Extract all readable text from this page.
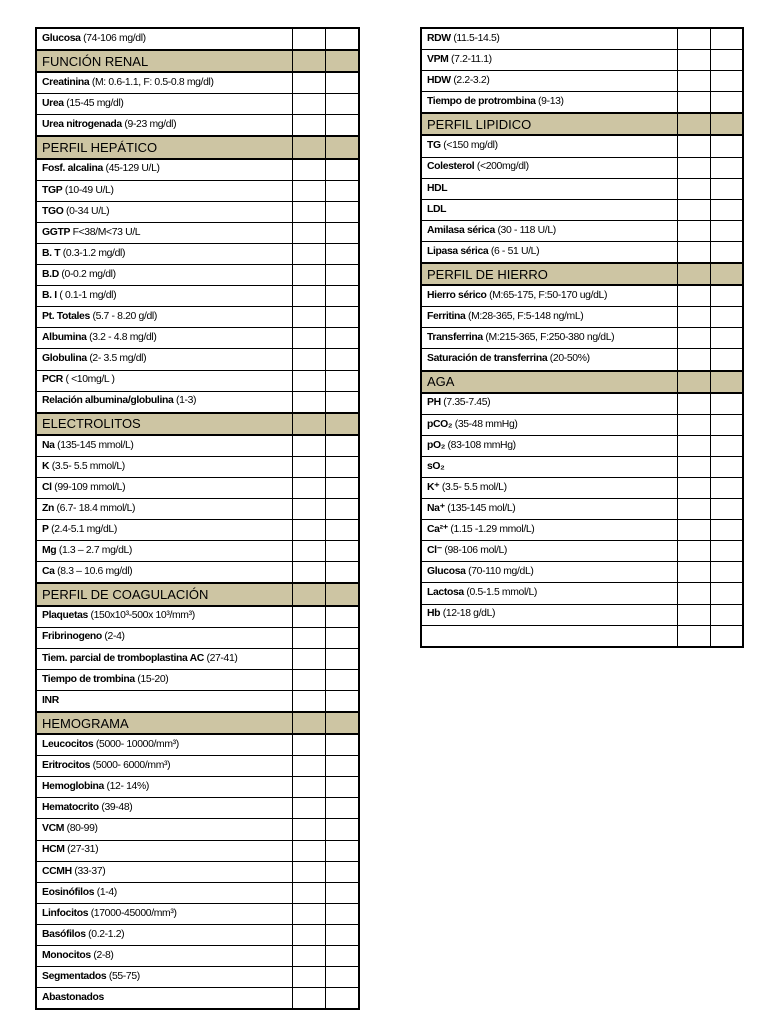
Glucosa (74-106 mg/dl)		
FUNCIÓN RENAL		
Creatinina (M: 0.6-1.1, F: 0.5-0.8 mg/dl)		
Urea (15-45 mg/dl)		
Urea nitrogenada (9-23 mg/dl)		
PERFIL HEPÁTICO		
Fosf. alcalina (45-129 U/L)		
TGP (10-49 U/L)		
TGO (0-34 U/L)		
GGTP F<38/M<73 U/L		
B. T (0.3-1.2 mg/dl)		
B.D (0-0.2 mg/dl)		
B. I ( 0.1-1 mg/dl)		
Pt. Totales (5.7 - 8.20 g/dl)		
Albumina (3.2 - 4.8 mg/dl)		
Globulina (2- 3.5 mg/dl)		
PCR ( <10mg/L )		
Relación albumina/globulina (1-3)		
ELECTROLITOS		
Na (135-145 mmol/L)		
K (3.5- 5.5 mmol/L)		
Cl (99-109 mmol/L)		
Zn (6.7- 18.4 mmol/L)		
P (2.4-5.1 mg/dL)		
Mg (1.3 – 2.7 mg/dL)		
Ca (8.3 – 10.6 mg/dl)		
PERFIL DE COAGULACIÓN		
Plaquetas (150x10³-500x 10³/mm³)		
Fribrinogeno (2-4)		
Tiem. parcial de tromboplastina AC (27-41)		
Tiempo de trombina (15-20)		
INR		
HEMOGRAMA		
Leucocitos (5000- 10000/mm³)		
Eritrocitos (5000- 6000/mm³)		
Hemoglobina (12- 14%)		
Hematocrito (39-48)		
VCM (80-99)		
HCM (27-31)		
CCMH (33-37)		
Eosinófilos (1-4)		
Linfocitos (17000-45000/mm³)		
Basófilos (0.2-1.2)		
Monocitos (2-8)		
Segmentados (55-75)		
Abastonados		
RDW (11.5-14.5)		
VPM (7.2-11.1)		
HDW (2.2-3.2)		
Tiempo de protrombina (9-13)		
PERFIL LIPIDICO		
TG (<150 mg/dl)		
Colesterol (<200mg/dl)		
HDL		
LDL		
Amilasa sérica (30 - 118 U/L)		
Lipasa sérica (6 - 51 U/L)		
PERFIL DE HIERRO		
Hierro sérico (M:65-175, F:50-170 ug/dL)		
Ferritina (M:28-365, F:5-148 ng/mL)		
Transferrina (M:215-365, F:250-380 ng/dL)		
Saturación de transferrina (20-50%)		
AGA		
PH (7.35-7.45)		
pCO₂ (35-48 mmHg)		
pO₂ (83-108 mmHg)		
sO₂		
K⁺ (3.5- 5.5 mol/L)		
Na⁺ (135-145 mol/L)		
Ca²⁺ (1.15 -1.29 mmol/L)		
Cl⁻ (98-106 mol/L)		
Glucosa (70-110 mg/dL)		
Lactosa (0.5-1.5 mmol/L)		
Hb (12-18 g/dL)		
